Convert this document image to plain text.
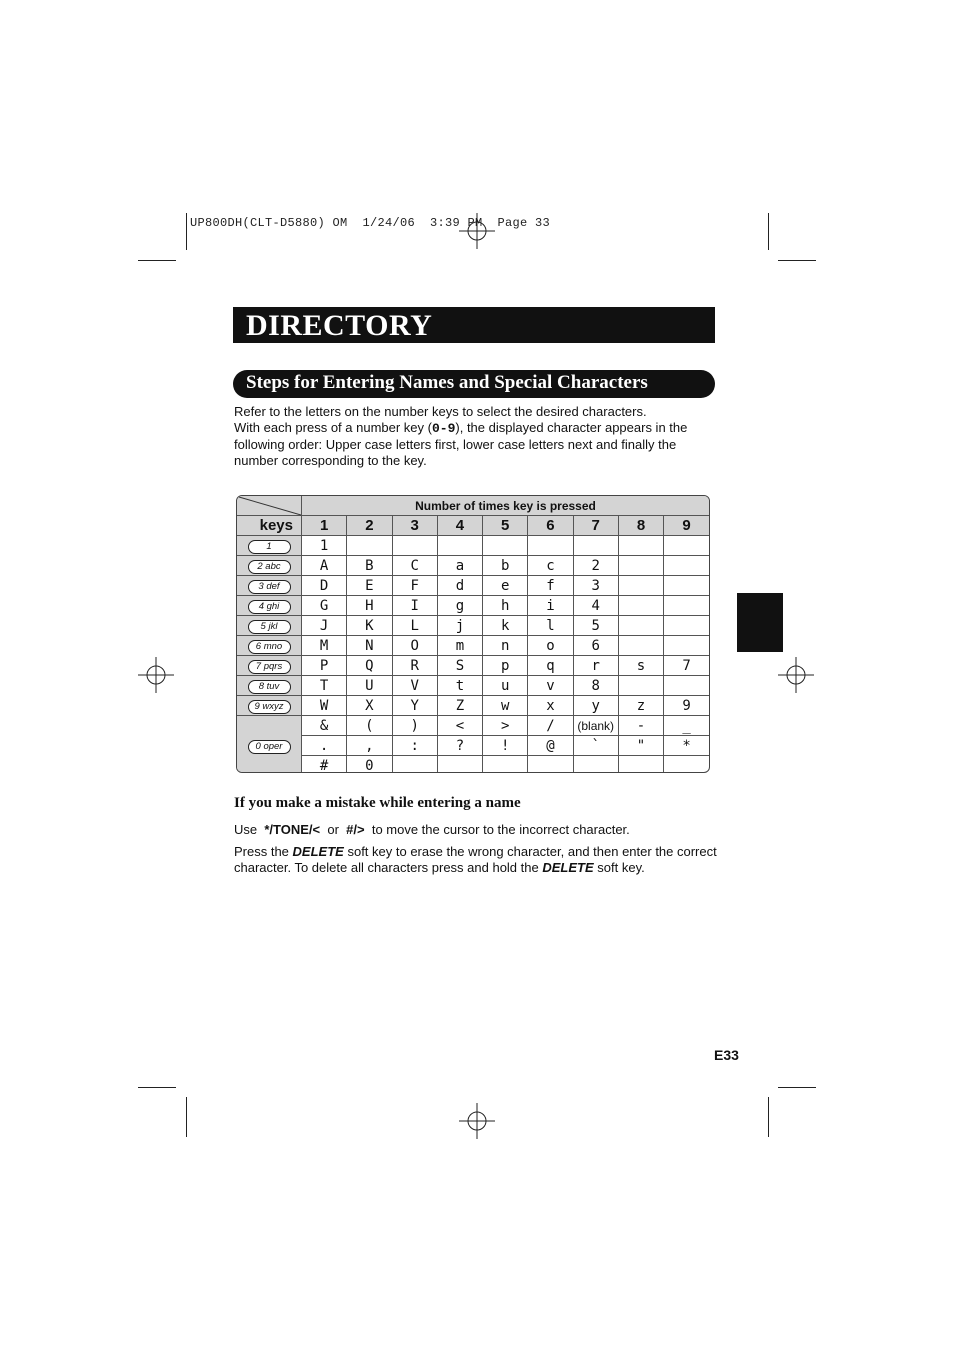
UP800DH(CLT-D5880) OM  1/24/06  3:39 PM  Page 33
DIRECTORY
Steps for Entering Names and Special Characters
Refer to the letters on the number keys to select the desired characters.
With each press of a number key (0-9), the displayed character appears in the following order: Upper case letters first, lower case letters next and finally the number corresponding to the key.
	Number of times key is pressed								
keys	1	2	3	4	5	6	7	8	9
1	1								
2 abc	A	B	C	a	b	c	2		
3 def	D	E	F	d	e	f	3		
4 ghi	G	H	I	g	h	i	4		
5 jkl	J	K	L	j	k	l	5		
6 mno	M	N	O	m	n	o	6		
7 pqrs	P	Q	R	S	p	q	r	s	7
8 tuv	T	U	V	t	u	v	8		
9 wxyz	W	X	Y	Z	w	x	y	z	9
0 oper	&	(	)	<	>	/	(blank)	-	_
	.	,	:	?	!	@	`	"	*
	#	0							
If you make a mistake while entering a name
Use */TONE/< or #/> to move the cursor to the incorrect character.
Press the DELETE soft key to erase the wrong character, and then enter the correct character. To delete all characters press and hold the DELETE soft key.
E33
